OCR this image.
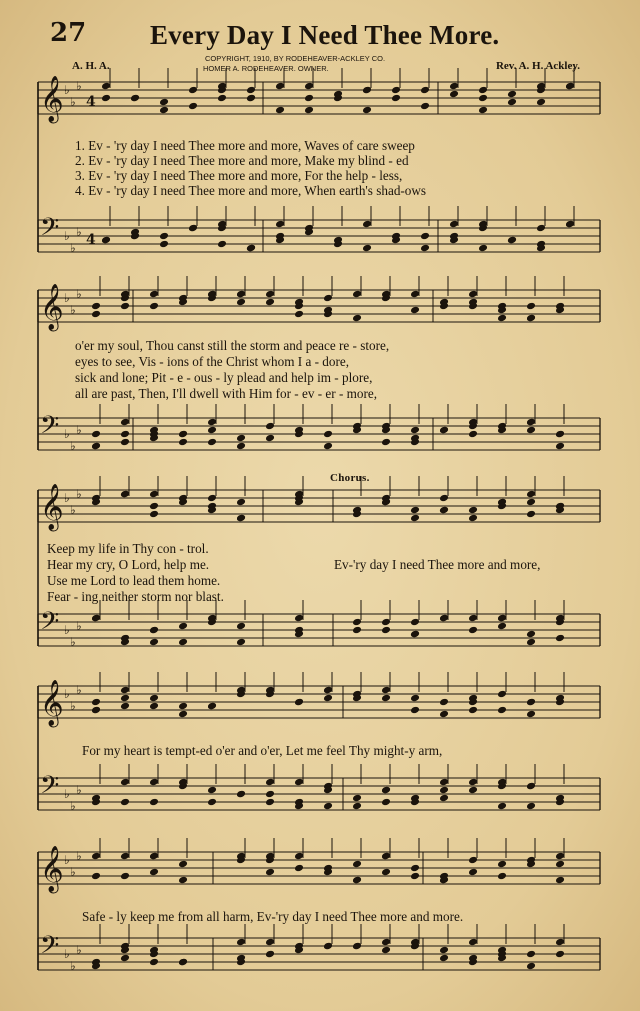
27 Every Day I Need Thee More.
A. H. A.
COPYRIGHT, 1910, BY RODEHEAVER-ACKLEY CO.
HOMER A. RODEHEAVER. OWNER.	Rev. A. H. Ackley.
𝄞 ♭
♭
♭
4
𝄢 ♭
♭
♭ 4
1. Ev - 'ry day I need Thee more and more, Waves of care sweep
2. Ev - 'ry day I need Thee more and more, Make my blind - ed
3. Ev - 'ry day I need Thee more and more, For the help - less,
4. Ev - 'ry day I need Thee more and more, When earth's shad-ows
𝄞 ♭
♭
♭
𝄢 ♭
♭
♭
o'er my soul, Thou canst still the storm and peace re - store,
eyes to see, Vis - ions of the Christ whom I a - dore,
sick and lone; Pit - e - ous - ly plead and help im - plore,
all are past, Then, I'll dwell with Him for - ev - er - more,
Chorus.
𝄞 ♭
♭
♭
𝄢 ♭
♭
♭
Keep my life in Thy con - trol.
Hear my cry, O Lord, help me.
Use me Lord to lead them home.
Fear - ing neither storm nor blast.
Ev-'ry day I need Thee more and more,
𝄞 ♭
♭
♭
𝄢 ♭
♭
♭
For my heart is tempt-ed o'er and o'er, Let me feel Thy might-y arm,
𝄞 ♭
♭
♭
𝄢 ♭
♭
♭
Safe - ly keep me from all harm, Ev-'ry day I need Thee more and more.
